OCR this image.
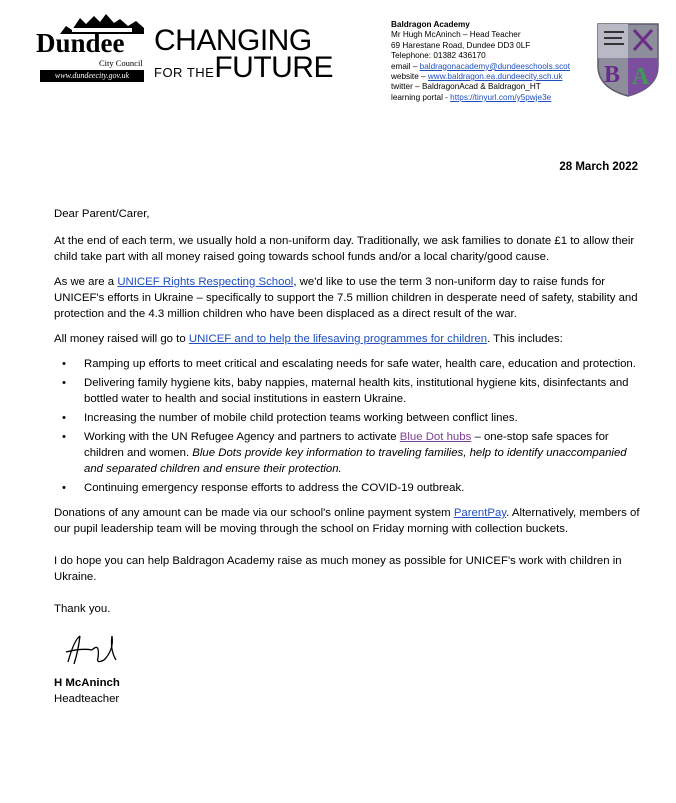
Dundee
City Council
www.dundeecity.gov.uk
CHANGING
FOR THEFUTURE
Baldragon Academy
Mr Hugh McAninch – Head Teacher
69 Harestane Road, Dundee DD3 0LF
Telephone: 01382 436170
email – baldragonacademy@dundeeschools.scot
website – www.baldragon.ea.dundeecity.sch.uk
twitter – BaldragonAcad & Baldragon_HT
learning portal - https://tinyurl.com/y5pwje3e
B A
28 March 2022
Dear Parent/Carer,
At the end of each term, we usually hold a non-uniform day. Traditionally, we ask families to donate £1 to allow their child take part with all money raised going towards school funds and/or a local charity/good cause.
As we are a UNICEF Rights Respecting School, we'd like to use the term 3 non-uniform day to raise funds for UNICEF's efforts in Ukraine – specifically to support the 7.5 million children in desperate need of safety, stability and protection and the 4.3 million children who have been displaced as a direct result of the war.
All money raised will go to UNICEF and to help the lifesaving programmes for children. This includes:
• Ramping up efforts to meet critical and escalating needs for safe water, health care, education and protection.
• Delivering family hygiene kits, baby nappies, maternal health kits, institutional hygiene kits, disinfectants and bottled water to health and social institutions in eastern Ukraine.
• Increasing the number of mobile child protection teams working between conflict lines.
• Working with the UN Refugee Agency and partners to activate Blue Dot hubs – one-stop safe spaces for children and women. Blue Dots provide key information to traveling families, help to identify unaccompanied and separated children and ensure their protection.
• Continuing emergency response efforts to address the COVID-19 outbreak.
Donations of any amount can be made via our school's online payment system ParentPay. Alternatively, members of our pupil leadership team will be moving through the school on Friday morning with collection buckets.
I do hope you can help Baldragon Academy raise as much money as possible for UNICEF's work with children in Ukraine.
Thank you.
H McAninch
Headteacher
